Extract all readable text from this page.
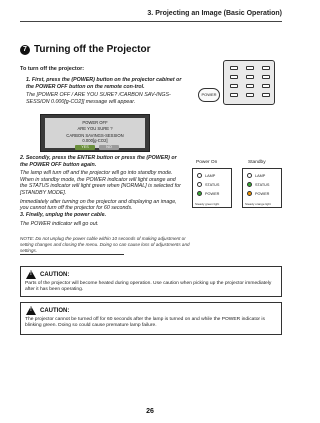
3. Projecting an Image (Basic Operation)
7 Turning off the Projector
To turn off the projector:
1. First, press the (POWER) button on the projector cabinet or the POWER OFF button on the remote con-trol.
The [POWER OFF / ARE YOU SURE? /CARBON SAV-INGS- SESSION 0.000[g-CO2]] message will appear.
POWER
POWER OFF
ARE YOU SURE ?
CARBON SAVINGS-SESSION
0.000[g-CO2]
YES	NO
2. Secondly, press the ENTER button or press the (POWER) or the POWER OFF button again.
The lamp will turn off and the projector will go into standby mode. When in standby mode, the POWER indicator will light orange and the STATUS indicator will light green when [NORMAL] is selected for [STANDBY MODE].
Immediately after turning on the projector and displaying an image, you cannot turn off the projector for 60 seconds.
Power On	Standby
LAMP
STATUS
POWER
Steady green light
LAMP
STATUS
POWER
Steady orange light
3. Finally, unplug the power cable.
The POWER indicator will go out.
NOTE: Do not unplug the power cable within 10 seconds of making adjustment or setting changes and closing the menu. Doing so can cause loss of adjustments and settings.
!
CAUTION:
Parts of the projector will become heated during operation. Use caution when picking up the projector immediately after it has been operating.
!
CAUTION:
The projector cannot be turned off for 60 seconds after the lamp is turned on and while the POWER indicator is blinking green. Doing so could cause premature lamp failure.
26
